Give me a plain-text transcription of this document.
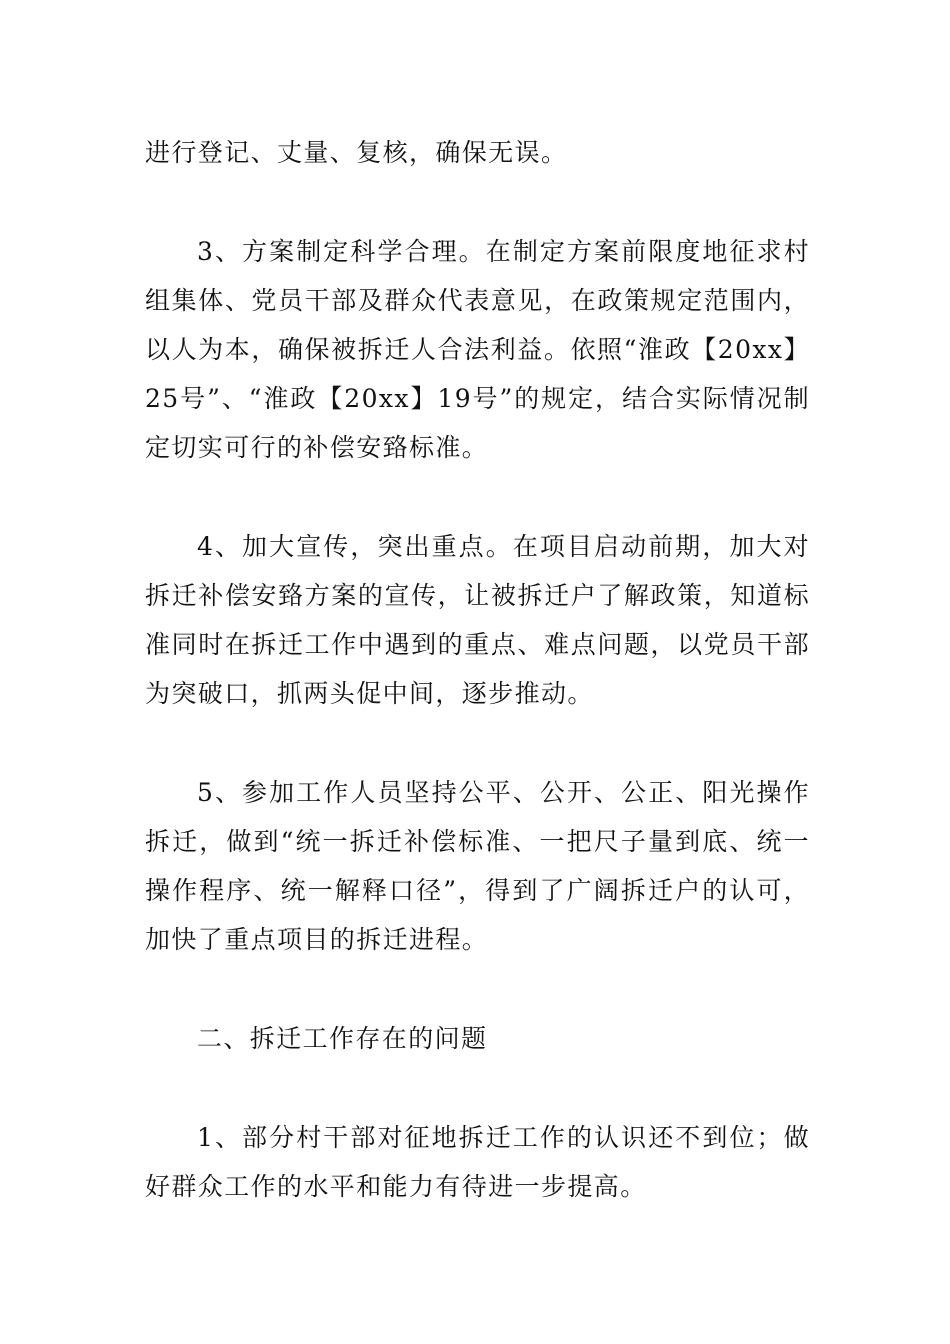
进行登记、丈量、复核，确保无误。

3、方案制定科学合理。在制定方案前限度地征求村组集体、党员干部及群众代表意见，在政策规定范围内，以人为本，确保被拆迁人合法利益。依照“淮政【20xx】25号”、“淮政【20xx】19号”的规定，结合实际情况制定切实可行的补偿安臵标准。

4、加大宣传，突出重点。在项目启动前期，加大对拆迁补偿安臵方案的宣传，让被拆迁户了解政策，知道标准同时在拆迁工作中遇到的重点、难点问题，以党员干部为突破口，抓两头促中间，逐步推动。

5、参加工作人员坚持公平、公开、公正、阳光操作拆迁，做到“统一拆迁补偿标准、一把尺子量到底、统一操作程序、统一解释口径”，得到了广阔拆迁户的认可，加快了重点项目的拆迁进程。

二、拆迁工作存在的问题

1、部分村干部对征地拆迁工作的认识还不到位；做好群众工作的水平和能力有待进一步提高。
